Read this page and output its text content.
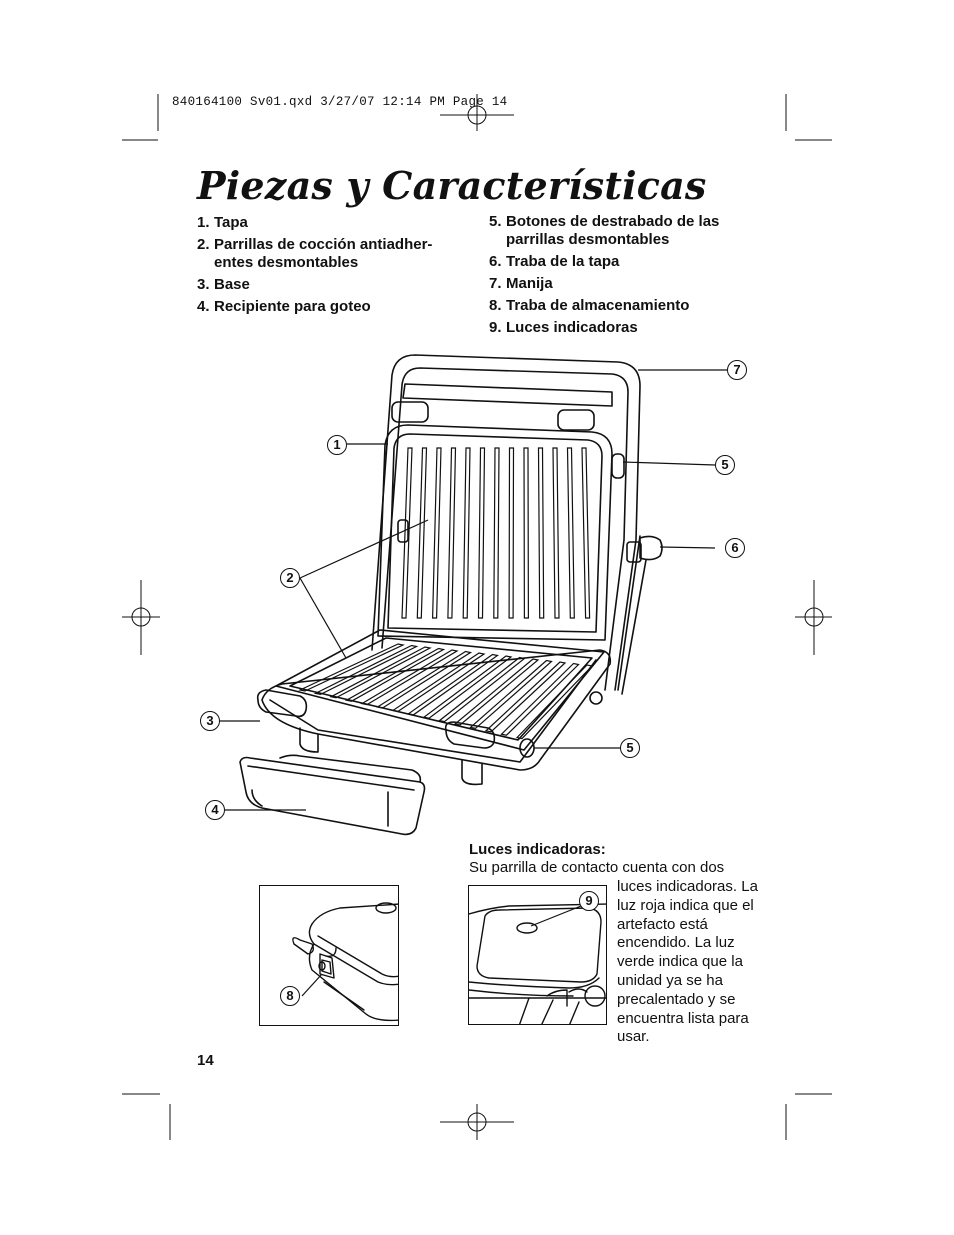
840164100 Sv01.qxd 3/27/07 12:14 PM Page 14
Piezas y Características
1. Tapa
2. Parrillas de cocción antiadher-entes desmontables
3. Base
4. Recipiente para goteo
5. Botones de destrabado de las parrillas desmontables
6. Traba de la tapa
7. Manija
8. Traba de almacenamiento
9. Luces indicadoras
1
2
3
4
5
5
6
7
8
9
Luces indicadoras:
Su parrilla de contacto cuenta con dos
luces indicadoras. La luz roja indica que el artefacto está encendido. La luz verde indica que la unidad ya se ha precalentado y se encuentra lista para usar.
14
